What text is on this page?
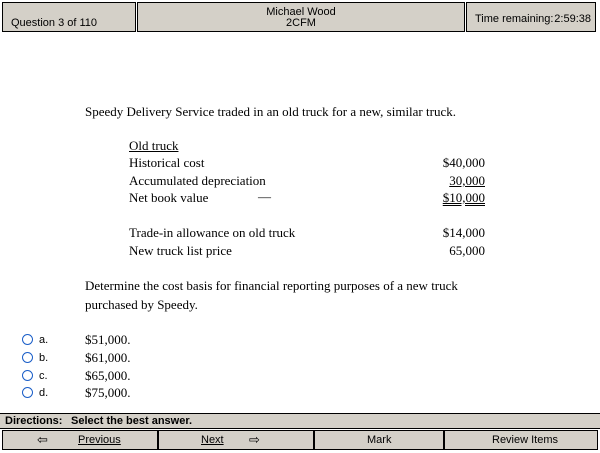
Question 3 of 110
Michael Wood
2CFM	Time remaining: 2:59:38
Speedy Delivery Service traded in an old truck for a new, similar truck.
Old truck
Historical cost	$40,000
Accumulated depreciation	30,000
Net book value	—	$10,000
Trade-in allowance on old truck	$14,000
New truck list price	65,000
Determine the cost basis for financial reporting purposes of a new truck
purchased by Speedy.
a.	$51,000.
b.	$61,000.
c.	$65,000.
d.	$75,000.
Directions: Select the best answer.
⇦	Previous	Next ⇨	Mark	Review Items
